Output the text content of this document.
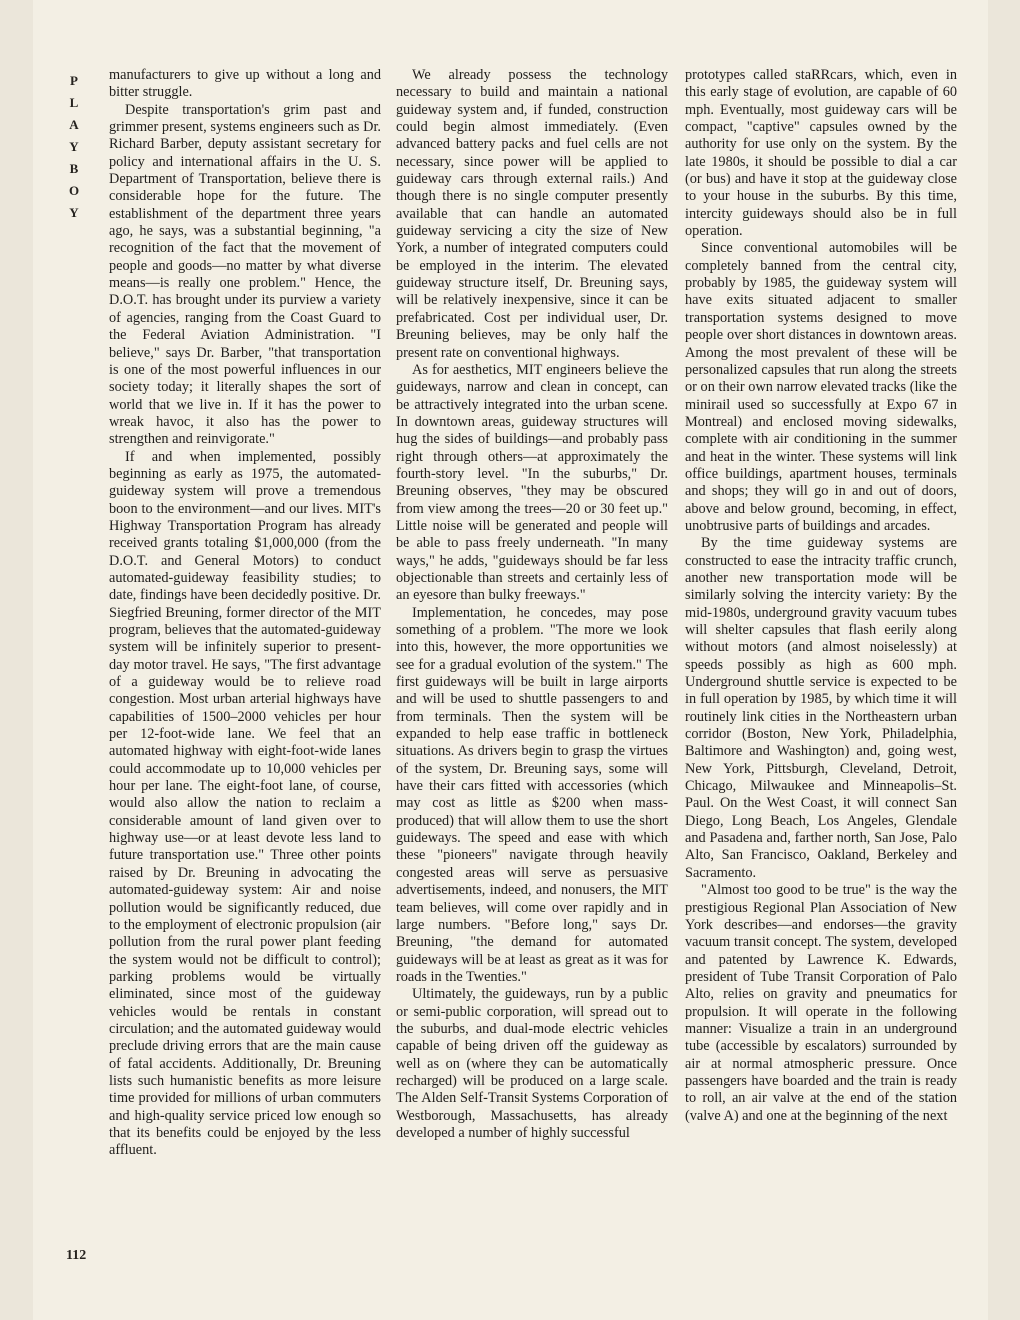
P
L
A
Y
B
O
Y

manufacturers to give up without a long and bitter struggle.

Despite transportation's grim past and grimmer present, systems engineers such as Dr. Richard Barber, deputy assistant secretary for policy and international affairs in the U. S. Department of Transportation, believe there is considerable hope for the future. The establishment of the department three years ago, he says, was a substantial beginning, "a recognition of the fact that the movement of people and goods—no matter by what diverse means—is really one problem." Hence, the D.O.T. has brought under its purview a variety of agencies, ranging from the Coast Guard to the Federal Aviation Administration. "I believe," says Dr. Barber, "that transportation is one of the most powerful influences in our society today; it literally shapes the sort of world that we live in. If it has the power to wreak havoc, it also has the power to strengthen and reinvigorate."

If and when implemented, possibly beginning as early as 1975, the automated-guideway system will prove a tremendous boon to the environment—and our lives. MIT's Highway Transportation Program has already received grants totaling $1,000,000 (from the D.O.T. and General Motors) to conduct automated-guideway feasibility studies; to date, findings have been decidedly positive. Dr. Siegfried Breuning, former director of the MIT program, believes that the automated-guideway system will be infinitely superior to present-day motor travel. He says, "The first advantage of a guideway would be to relieve road congestion. Most urban arterial highways have capabilities of 1500–2000 vehicles per hour per 12-foot-wide lane. We feel that an automated highway with eight-foot-wide lanes could accommodate up to 10,000 vehicles per hour per lane. The eight-foot lane, of course, would also allow the nation to reclaim a considerable amount of land given over to highway use—or at least devote less land to future transportation use." Three other points raised by Dr. Breuning in advocating the automated-guideway system: Air and noise pollution would be significantly reduced, due to the employment of electronic propulsion (air pollution from the rural power plant feeding the system would not be difficult to control); parking problems would be virtually eliminated, since most of the guideway vehicles would be rentals in constant circulation; and the automated guideway would preclude driving errors that are the main cause of fatal accidents. Additionally, Dr. Breuning lists such humanistic benefits as more leisure time provided for millions of urban commuters and high-quality service priced low enough so that its benefits could be enjoyed by the less affluent.

We already possess the technology necessary to build and maintain a national guideway system and, if funded, construction could begin almost immediately. (Even advanced battery packs and fuel cells are not necessary, since power will be applied to guideway cars through external rails.) And though there is no single computer presently available that can handle an automated guideway servicing a city the size of New York, a number of integrated computers could be employed in the interim. The elevated guideway structure itself, Dr. Breuning says, will be relatively inexpensive, since it can be prefabricated. Cost per individual user, Dr. Breuning believes, may be only half the present rate on conventional highways.

As for aesthetics, MIT engineers believe the guideways, narrow and clean in concept, can be attractively integrated into the urban scene. In downtown areas, guideway structures will hug the sides of buildings—and probably pass right through others—at approximately the fourth-story level. "In the suburbs," Dr. Breuning observes, "they may be obscured from view among the trees—20 or 30 feet up." Little noise will be generated and people will be able to pass freely underneath. "In many ways," he adds, "guideways should be far less objectionable than streets and certainly less of an eyesore than bulky freeways."

Implementation, he concedes, may pose something of a problem. "The more we look into this, however, the more opportunities we see for a gradual evolution of the system." The first guideways will be built in large airports and will be used to shuttle passengers to and from terminals. Then the system will be expanded to help ease traffic in bottleneck situations. As drivers begin to grasp the virtues of the system, Dr. Breuning says, some will have their cars fitted with accessories (which may cost as little as $200 when mass-produced) that will allow them to use the short guideways. The speed and ease with which these "pioneers" navigate through heavily congested areas will serve as persuasive advertisements, indeed, and nonusers, the MIT team believes, will come over rapidly and in large numbers. "Before long," says Dr. Breuning, "the demand for automated guideways will be at least as great as it was for roads in the Twenties."

Ultimately, the guideways, run by a public or semi-public corporation, will spread out to the suburbs, and dual-mode electric vehicles capable of being driven off the guideway as well as on (where they can be automatically recharged) will be produced on a large scale. The Alden Self-Transit Systems Corporation of Westborough, Massachusetts, has already developed a number of highly successful

prototypes called staRRcars, which, even in this early stage of evolution, are capable of 60 mph. Eventually, most guideway cars will be compact, "captive" capsules owned by the authority for use only on the system. By the late 1980s, it should be possible to dial a car (or bus) and have it stop at the guideway close to your house in the suburbs. By this time, intercity guideways should also be in full operation.

Since conventional automobiles will be completely banned from the central city, probably by 1985, the guideway system will have exits situated adjacent to smaller transportation systems designed to move people over short distances in downtown areas. Among the most prevalent of these will be personalized capsules that run along the streets or on their own narrow elevated tracks (like the minirail used so successfully at Expo 67 in Montreal) and enclosed moving sidewalks, complete with air conditioning in the summer and heat in the winter. These systems will link office buildings, apartment houses, terminals and shops; they will go in and out of doors, above and below ground, becoming, in effect, unobtrusive parts of buildings and arcades.

By the time guideway systems are constructed to ease the intracity traffic crunch, another new transportation mode will be similarly solving the intercity variety: By the mid-1980s, underground gravity vacuum tubes will shelter capsules that flash eerily along without motors (and almost noiselessly) at speeds possibly as high as 600 mph. Underground shuttle service is expected to be in full operation by 1985, by which time it will routinely link cities in the Northeastern urban corridor (Boston, New York, Philadelphia, Baltimore and Washington) and, going west, New York, Pittsburgh, Cleveland, Detroit, Chicago, Milwaukee and Minneapolis–St. Paul. On the West Coast, it will connect San Diego, Long Beach, Los Angeles, Glendale and Pasadena and, farther north, San Jose, Palo Alto, San Francisco, Oakland, Berkeley and Sacramento.

"Almost too good to be true" is the way the prestigious Regional Plan Association of New York describes—and endorses—the gravity vacuum transit concept. The system, developed and patented by Lawrence K. Edwards, president of Tube Transit Corporation of Palo Alto, relies on gravity and pneumatics for propulsion. It will operate in the following manner: Visualize a train in an underground tube (accessible by escalators) surrounded by air at normal atmospheric pressure. Once passengers have boarded and the train is ready to roll, an air valve at the end of the station (valve A) and one at the beginning of the next

112
